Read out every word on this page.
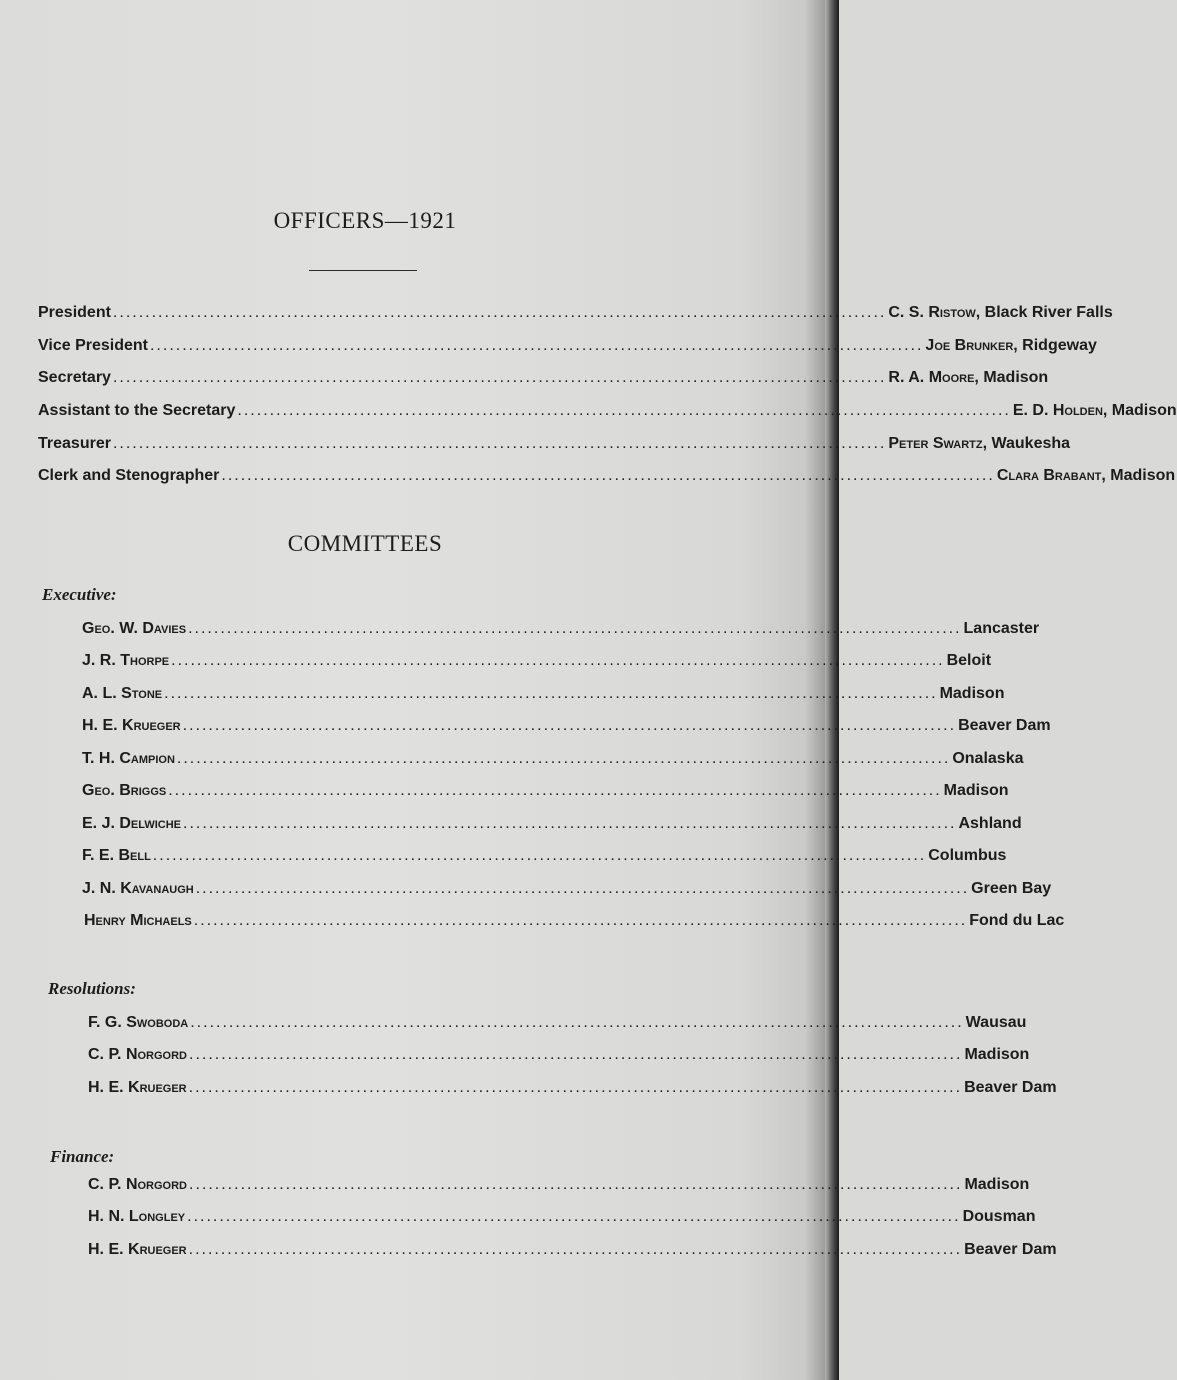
OFFICERS—1921
President ........................................................................................................................ C. S. Ristow, Black River Falls
Vice President ........................................................................................................................ Joe Brunker, Ridgeway
Secretary ........................................................................................................................ R. A. Moore, Madison
Assistant to the Secretary ........................................................................................................................ E. D. Holden, Madison
Treasurer ........................................................................................................................ Peter Swartz, Waukesha
Clerk and Stenographer ........................................................................................................................ Clara Brabant, Madison
COMMITTEES
Executive:
Geo. W. Davies ........................................................................................................................ Lancaster
J. R. Thorpe ........................................................................................................................ Beloit
A. L. Stone ........................................................................................................................ Madison
H. E. Krueger ........................................................................................................................ Beaver Dam
T. H. Campion ........................................................................................................................ Onalaska
Geo. Briggs ........................................................................................................................ Madison
E. J. Delwiche ........................................................................................................................ Ashland
F. E. Bell ........................................................................................................................ Columbus
J. N. Kavanaugh ........................................................................................................................ Green Bay
Henry Michaels ........................................................................................................................ Fond du Lac
Resolutions:
F. G. Swoboda ........................................................................................................................ Wausau
C. P. Norgord ........................................................................................................................ Madison
H. E. Krueger ........................................................................................................................ Beaver Dam
Finance:
C. P. Norgord ........................................................................................................................ Madison
H. N. Longley ........................................................................................................................ Dousman
H. E. Krueger ........................................................................................................................ Beaver Dam
